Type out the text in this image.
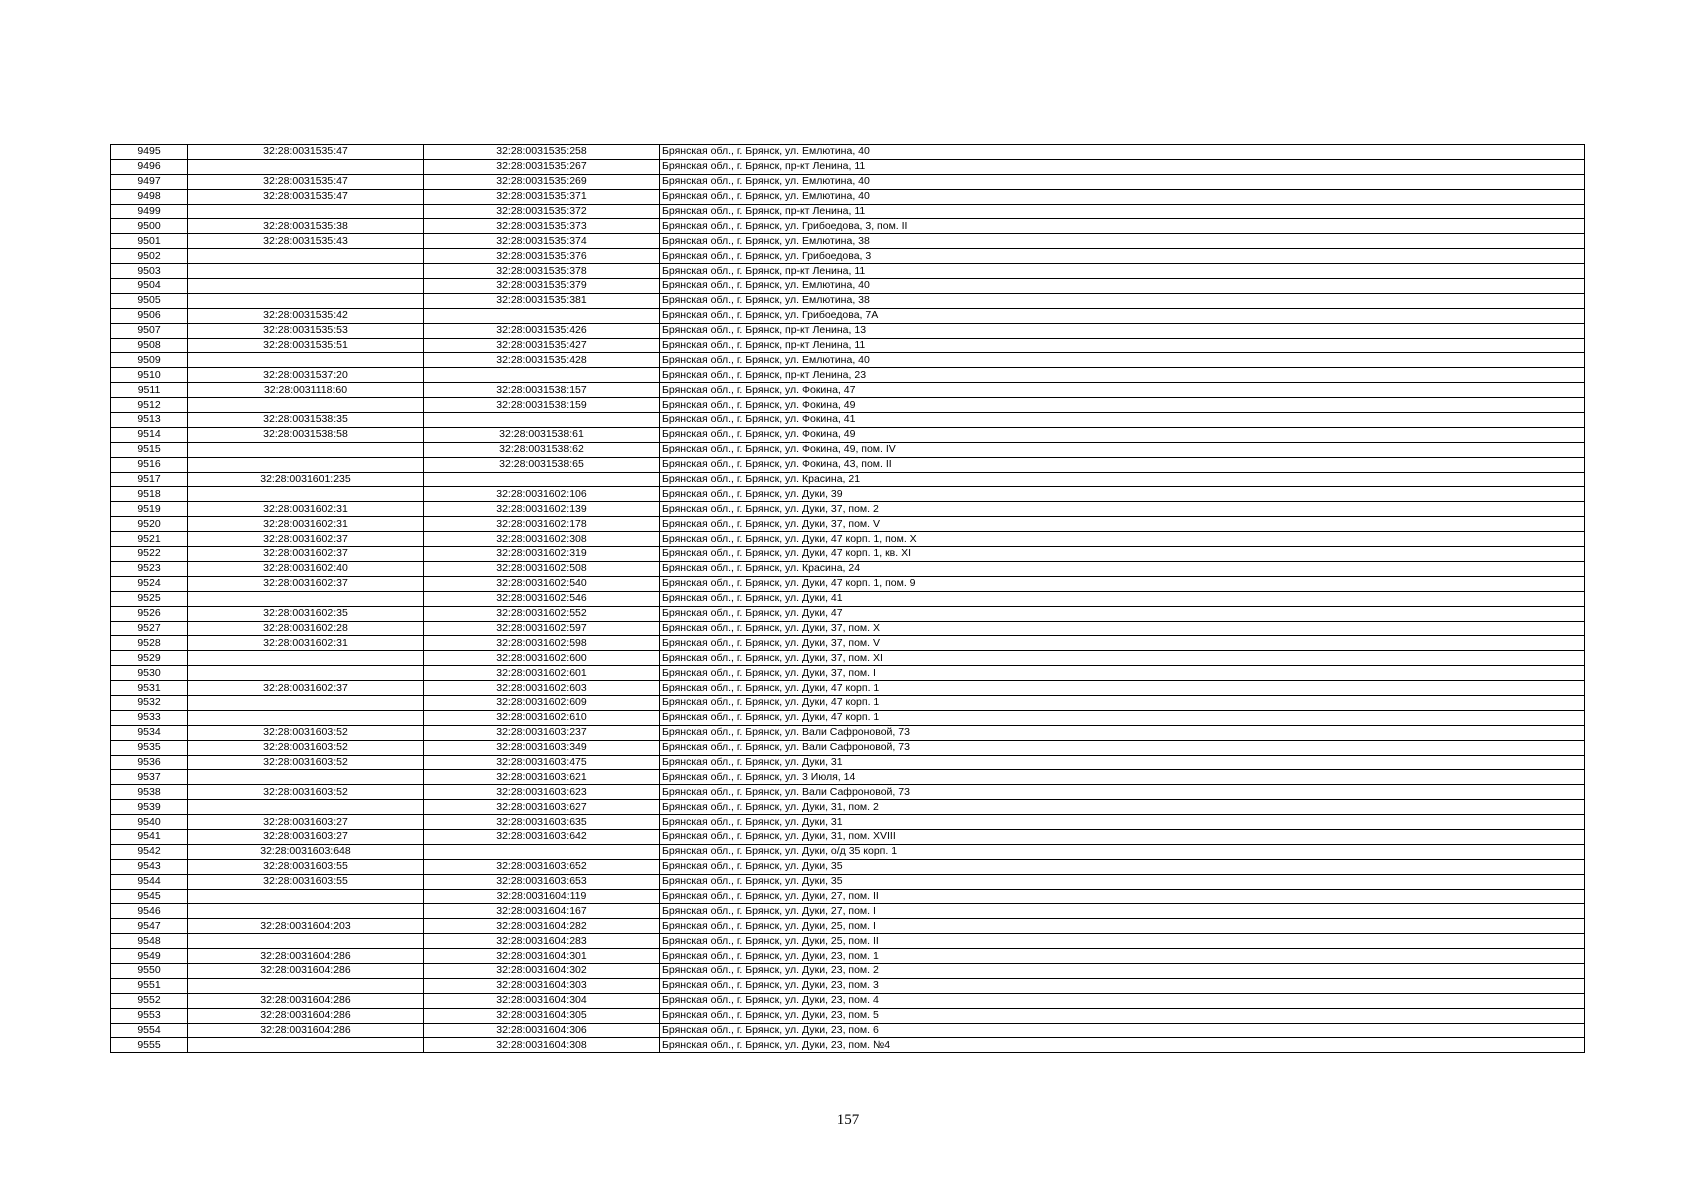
9495	32:28:0031535:47	32:28:0031535:258	Брянская обл., г. Брянск, ул. Емлютина, 40
9496		32:28:0031535:267	Брянская обл., г. Брянск, пр-кт Ленина, 11
9497	32:28:0031535:47	32:28:0031535:269	Брянская обл., г. Брянск, ул. Емлютина, 40
9498	32:28:0031535:47	32:28:0031535:371	Брянская обл., г. Брянск, ул. Емлютина, 40
9499		32:28:0031535:372	Брянская обл., г. Брянск, пр-кт Ленина, 11
9500	32:28:0031535:38	32:28:0031535:373	Брянская обл., г. Брянск, ул. Грибоедова, 3, пом. II
9501	32:28:0031535:43	32:28:0031535:374	Брянская обл., г. Брянск, ул. Емлютина, 38
9502		32:28:0031535:376	Брянская обл., г. Брянск, ул. Грибоедова, 3
9503		32:28:0031535:378	Брянская обл., г. Брянск, пр-кт Ленина, 11
9504		32:28:0031535:379	Брянская обл., г. Брянск, ул. Емлютина, 40
9505		32:28:0031535:381	Брянская обл., г. Брянск, ул. Емлютина, 38
9506	32:28:0031535:42		Брянская обл., г. Брянск, ул. Грибоедова, 7А
9507	32:28:0031535:53	32:28:0031535:426	Брянская обл., г. Брянск, пр-кт Ленина, 13
9508	32:28:0031535:51	32:28:0031535:427	Брянская обл., г. Брянск, пр-кт Ленина, 11
9509		32:28:0031535:428	Брянская обл., г. Брянск, ул. Емлютина, 40
9510	32:28:0031537:20		Брянская обл., г. Брянск, пр-кт Ленина, 23
9511	32:28:0031118:60	32:28:0031538:157	Брянская обл., г. Брянск, ул. Фокина, 47
9512		32:28:0031538:159	Брянская обл., г. Брянск, ул. Фокина, 49
9513	32:28:0031538:35		Брянская обл., г. Брянск, ул. Фокина, 41
9514	32:28:0031538:58	32:28:0031538:61	Брянская обл., г. Брянск, ул. Фокина, 49
9515		32:28:0031538:62	Брянская обл., г. Брянск, ул. Фокина, 49, пом. IV
9516		32:28:0031538:65	Брянская обл., г. Брянск, ул. Фокина, 43, пом. II
9517	32:28:0031601:235		Брянская обл., г. Брянск, ул. Красина, 21
9518		32:28:0031602:106	Брянская обл., г. Брянск, ул. Дуки, 39
9519	32:28:0031602:31	32:28:0031602:139	Брянская обл., г. Брянск, ул. Дуки, 37, пом. 2
9520	32:28:0031602:31	32:28:0031602:178	Брянская обл., г. Брянск, ул. Дуки, 37, пом. V
9521	32:28:0031602:37	32:28:0031602:308	Брянская обл., г. Брянск, ул. Дуки, 47 корп. 1, пом. X
9522	32:28:0031602:37	32:28:0031602:319	Брянская обл., г. Брянск, ул. Дуки, 47 корп. 1, кв. XI
9523	32:28:0031602:40	32:28:0031602:508	Брянская обл., г. Брянск, ул. Красина, 24
9524	32:28:0031602:37	32:28:0031602:540	Брянская обл., г. Брянск, ул. Дуки, 47 корп. 1, пом. 9
9525		32:28:0031602:546	Брянская обл., г. Брянск, ул. Дуки, 41
9526	32:28:0031602:35	32:28:0031602:552	Брянская обл., г. Брянск, ул. Дуки, 47
9527	32:28:0031602:28	32:28:0031602:597	Брянская обл., г. Брянск, ул. Дуки, 37, пом. X
9528	32:28:0031602:31	32:28:0031602:598	Брянская обл., г. Брянск, ул. Дуки, 37, пом. V
9529		32:28:0031602:600	Брянская обл., г. Брянск, ул. Дуки, 37, пом. XI
9530		32:28:0031602:601	Брянская обл., г. Брянск, ул. Дуки, 37, пом. I
9531	32:28:0031602:37	32:28:0031602:603	Брянская обл., г. Брянск, ул. Дуки, 47 корп. 1
9532		32:28:0031602:609	Брянская обл., г. Брянск, ул. Дуки, 47 корп. 1
9533		32:28:0031602:610	Брянская обл., г. Брянск, ул. Дуки, 47 корп. 1
9534	32:28:0031603:52	32:28:0031603:237	Брянская обл., г. Брянск, ул. Вали Сафроновой, 73
9535	32:28:0031603:52	32:28:0031603:349	Брянская обл., г. Брянск, ул. Вали Сафроновой, 73
9536	32:28:0031603:52	32:28:0031603:475	Брянская обл., г. Брянск, ул. Дуки, 31
9537		32:28:0031603:621	Брянская обл., г. Брянск, ул. 3 Июля, 14
9538	32:28:0031603:52	32:28:0031603:623	Брянская обл., г. Брянск, ул. Вали Сафроновой, 73
9539		32:28:0031603:627	Брянская обл., г. Брянск, ул. Дуки, 31, пом. 2
9540	32:28:0031603:27	32:28:0031603:635	Брянская обл., г. Брянск, ул. Дуки, 31
9541	32:28:0031603:27	32:28:0031603:642	Брянская обл., г. Брянск, ул. Дуки, 31, пом. XVIII
9542	32:28:0031603:648		Брянская обл., г. Брянск, ул. Дуки, о/д 35 корп. 1
9543	32:28:0031603:55	32:28:0031603:652	Брянская обл., г. Брянск, ул. Дуки, 35
9544	32:28:0031603:55	32:28:0031603:653	Брянская обл., г. Брянск, ул. Дуки, 35
9545		32:28:0031604:119	Брянская обл., г. Брянск, ул. Дуки, 27, пом. II
9546		32:28:0031604:167	Брянская обл., г. Брянск, ул. Дуки, 27, пом. I
9547	32:28:0031604:203	32:28:0031604:282	Брянская обл., г. Брянск, ул. Дуки, 25, пом. I
9548		32:28:0031604:283	Брянская обл., г. Брянск, ул. Дуки, 25, пом. II
9549	32:28:0031604:286	32:28:0031604:301	Брянская обл., г. Брянск, ул. Дуки, 23, пом. 1
9550	32:28:0031604:286	32:28:0031604:302	Брянская обл., г. Брянск, ул. Дуки, 23, пом. 2
9551		32:28:0031604:303	Брянская обл., г. Брянск, ул. Дуки, 23, пом. 3
9552	32:28:0031604:286	32:28:0031604:304	Брянская обл., г. Брянск, ул. Дуки, 23, пом. 4
9553	32:28:0031604:286	32:28:0031604:305	Брянская обл., г. Брянск, ул. Дуки, 23, пом. 5
9554	32:28:0031604:286	32:28:0031604:306	Брянская обл., г. Брянск, ул. Дуки, 23, пом. 6
9555		32:28:0031604:308	Брянская обл., г. Брянск, ул. Дуки, 23, пом. №4
157
